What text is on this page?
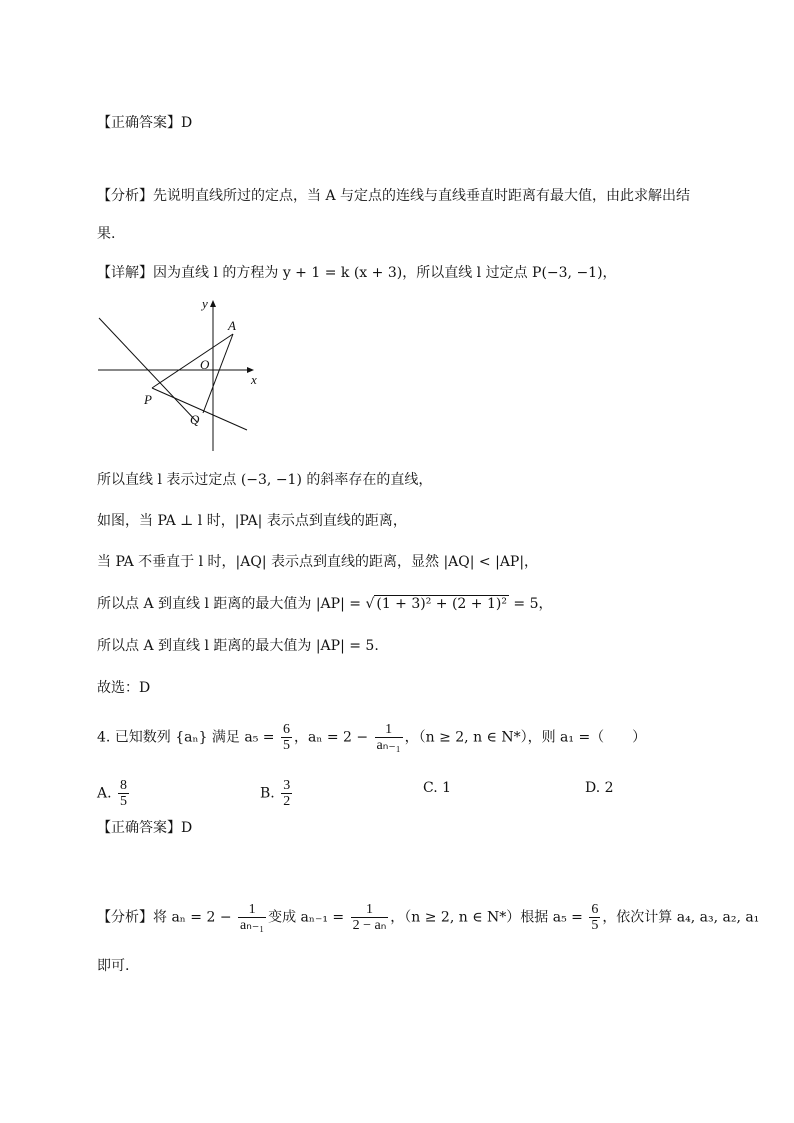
【正确答案】D
【分析】先说明直线所过的定点，当 A 与定点的连线与直线垂直时距离有最大值，由此求解出结
果.
【详解】因为直线 l 的方程为 y + 1 = k (x + 3)，所以直线 l 过定点 P(−3, −1)，
y
x
A
O
P
Q
所以直线 l 表示过定点 (−3, −1) 的斜率存在的直线，
如图，当 PA ⊥ l 时，|PA| 表示点到直线的距离，
当 PA 不垂直于 l 时，|AQ| 表示点到直线的距离，显然 |AQ| < |AP|，
所以点 A 到直线 l 距离的最大值为 |AP| = √ (1 + 3)² + (2 + 1)² = 5，
所以点 A 到直线 l 距离的最大值为 |AP| = 5.
故选：D
4. 已知数列 {aₙ} 满足 $a_5 = \frac{6}{5}$ ，$a_n = 2 - \frac{1}{\text{aₙ₋₁}}$ ，（n ≥ 2, n ∈ N*），则 a₁ =（　　）
A. $\frac{8}{5}$	B. $\frac{3}{2}$	C. 1	D. 2
【正确答案】D
【分析】将 $a_n = 2 - \frac{1}{\text{aₙ₋₁}}$ 变成 $a_{n-1} = \frac{1}{\text{2 − aₙ}}$ ，（n ≥ 2, n ∈ N*）根据 $a_5 = \frac{6}{5}$ ，依次计算 a₄, a₃, a₂, a₁
即可.
